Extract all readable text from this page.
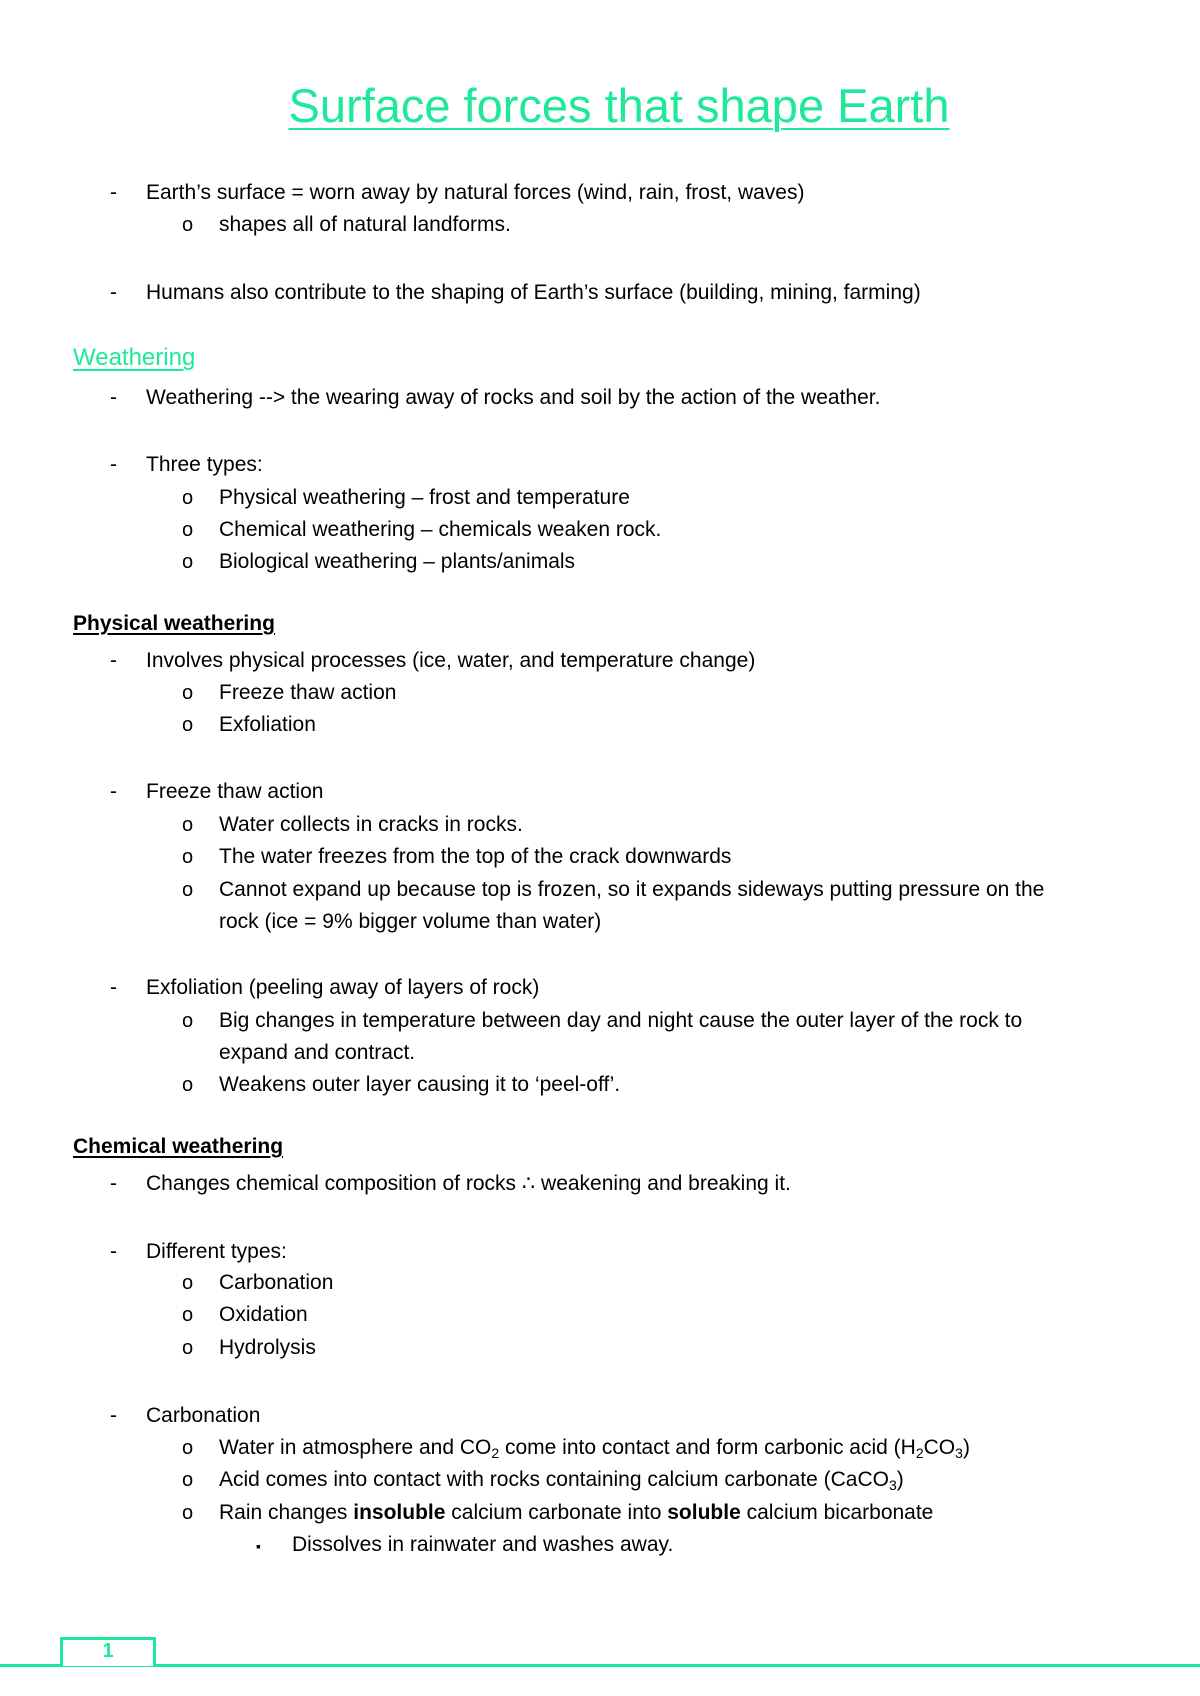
Surface forces that shape Earth
- Earth’s surface = worn away by natural forces (wind, rain, frost, waves)
o shapes all of natural landforms.
- Humans also contribute to the shaping of Earth’s surface (building, mining, farming)
Weathering
- Weathering --> the wearing away of rocks and soil by the action of the weather.
- Three types:
o Physical weathering – frost and temperature
o Chemical weathering – chemicals weaken rock.
o Biological weathering – plants/animals
Physical weathering
- Involves physical processes (ice, water, and temperature change)
o Freeze thaw action
o Exfoliation
- Freeze thaw action
o Water collects in cracks in rocks.
o The water freezes from the top of the crack downwards
o Cannot expand up because top is frozen, so it expands sideways putting pressure on the
rock (ice = 9% bigger volume than water)
- Exfoliation (peeling away of layers of rock)
o Big changes in temperature between day and night cause the outer layer of the rock to
expand and contract.
o Weakens outer layer causing it to ‘peel-off’.
Chemical weathering
- Changes chemical composition of rocks ∴ weakening and breaking it.
- Different types:
o Carbonation
o Oxidation
o Hydrolysis
- Carbonation
o Water in atmosphere and $CO_2$ come into contact and form carbonic acid $(H_2CO_3)$
o Acid comes into contact with rocks containing calcium carbonate (CaCO$_3$)
o Rain changes insoluble calcium carbonate into soluble calcium bicarbonate
▪ Dissolves in rainwater and washes away.
1
